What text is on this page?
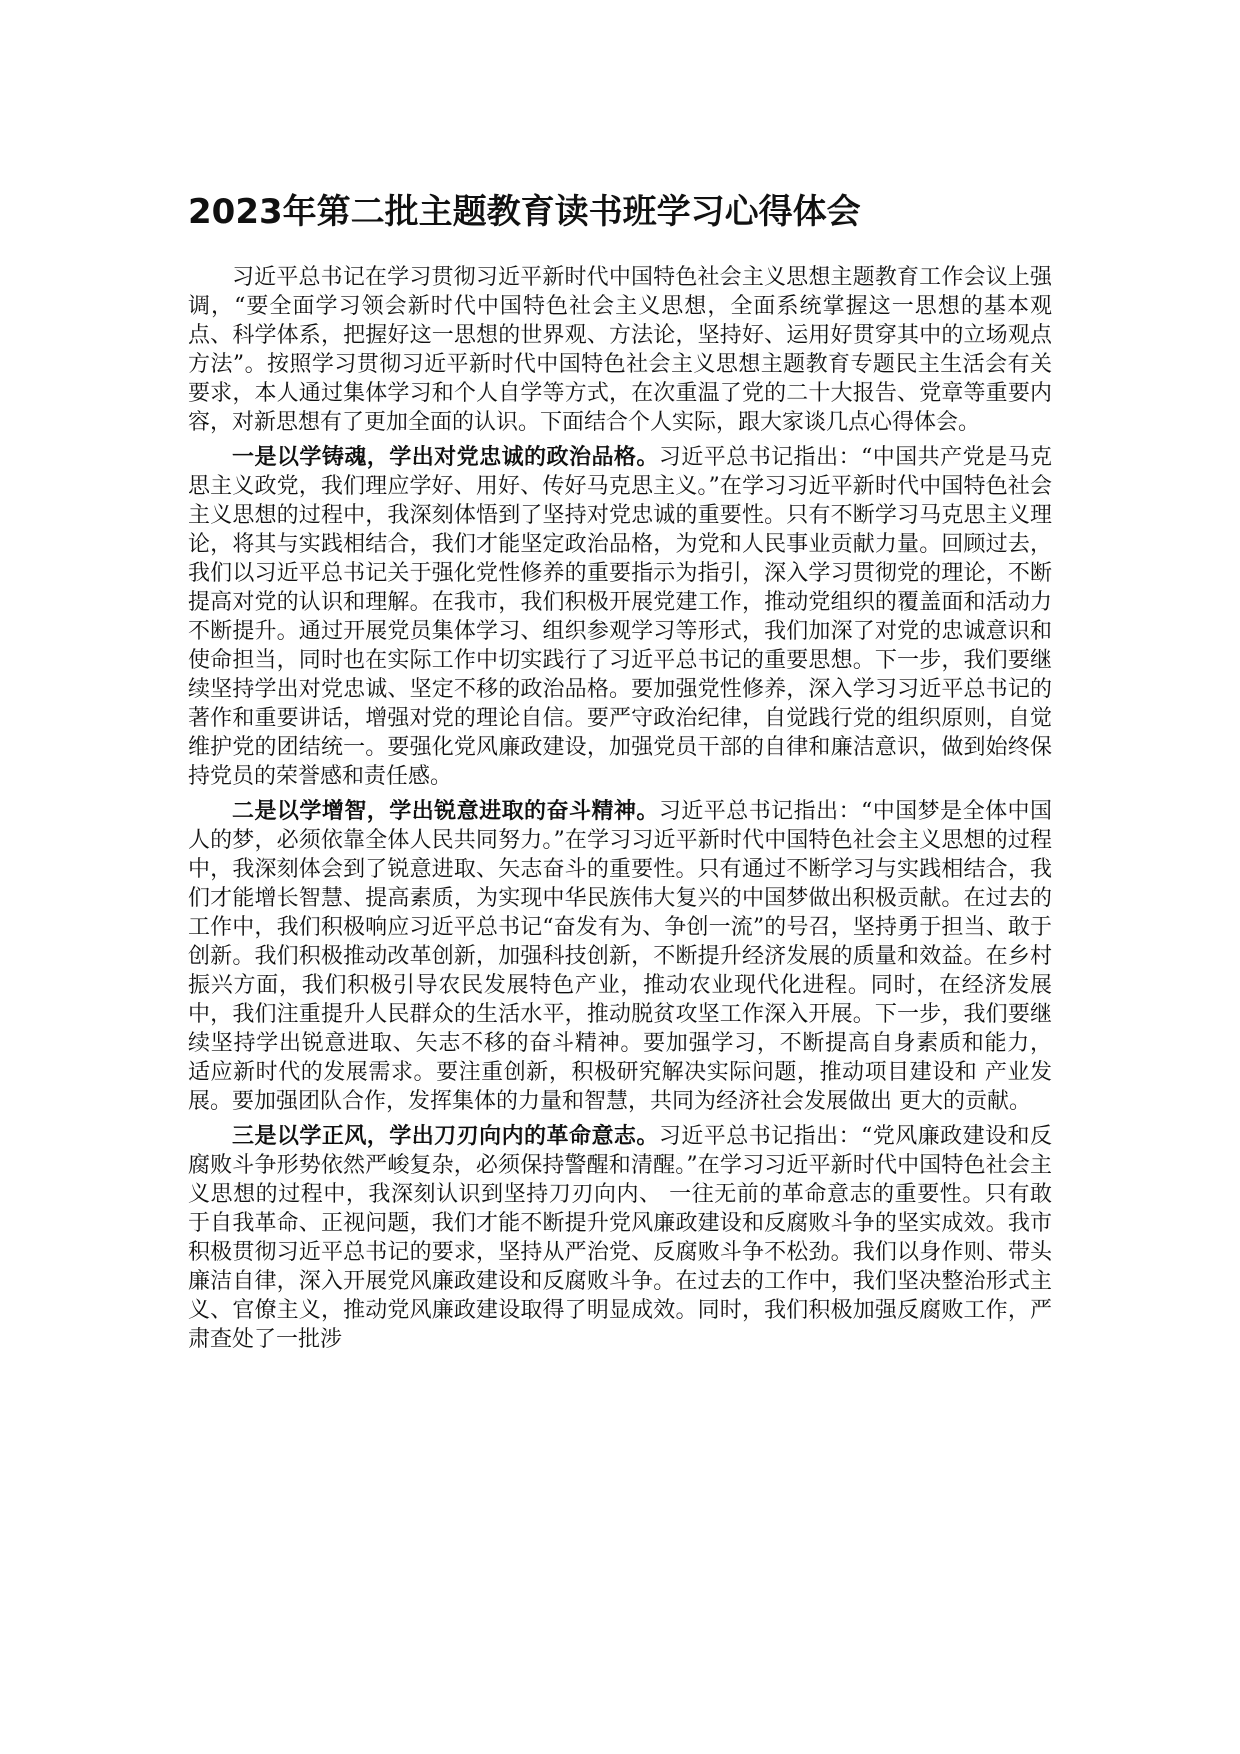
2023年第二批主题教育读书班学习心得体会

习近平总书记在学习贯彻习近平新时代中国特色社会主义思想主题教育工作会议上强调，“要全面学习领会新时代中国特色社会主义思想，全面系统掌握这一思想的基本观点、科学体系，把握好这一思想的世界观、方法论，坚持好、运用好贯穿其中的立场观点方法”。按照学习贯彻习近平新时代中国特色社会主义思想主题教育专题民主生活会有关要求，本人通过集体学习和个人自学等方式，在次重温了党的二十大报告、党章等重要内容，对新思想有了更加全面的认识。下面结合个人实际，跟大家谈几点心得体会。

一是以学铸魂，学出对党忠诚的政治品格。习近平总书记指出：“中国共产党是马克思主义政党，我们理应学好、用好、传好马克思主义。”在学习习近平新时代中国特色社会主义思想的过程中，我深刻体悟到了坚持对党忠诚的重要性。只有不断学习马克思主义理论，将其与实践相结合，我们才能坚定政治品格，为党和人民事业贡献力量。回顾过去，我们以习近平总书记关于强化党性修养的重要指示为指引，深入学习贯彻党的理论，不断提高对党的认识和理解。在我市，我们积极开展党建工作，推动党组织的覆盖面和活动力不断提升。通过开展党员集体学习、组织参观学习等形式，我们加深了对党的忠诚意识和使命担当，同时也在实际工作中切实践行了习近平总书记的重要思想。下一步，我们要继续坚持学出对党忠诚、坚定不移的政治品格。要加强党性修养，深入学习习近平总书记的著作和重要讲话，增强对党的理论自信。要严守政治纪律，自觉践行党的组织原则，自觉维护党的团结统一。要强化党风廉政建设，加强党员干部的自律和廉洁意识，做到始终保持党员的荣誉感和责任感。

二是以学增智，学出锐意进取的奋斗精神。习近平总书记指出：“中国梦是全体中国人的梦，必须依靠全体人民共同努力。”在学习习近平新时代中国特色社会主义思想的过程中，我深刻体会到了锐意进取、矢志奋斗的重要性。只有通过不断学习与实践相结合，我们才能增长智慧、提高素质，为实现中华民族伟大复兴的中国梦做出积极贡献。在过去的工作中，我们积极响应习近平总书记“奋发有为、争创一流”的号召，坚持勇于担当、敢于创新。我们积极推动改革创新，加强科技创新，不断提升经济发展的质量和效益。在乡村振兴方面，我们积极引导农民发展特色产业，推动农业现代化进程。同时，在经济发展中，我们注重提升人民群众的生活水平，推动脱贫攻坚工作深入开展。下一步，我们要继续坚持学出锐意进取、矢志不移的奋斗精神。要加强学习，不断提高自身素质和能力， 适应新时代的发展需求。要注重创新，积极研究解决实际问题，推动项目建设和 产业发展。要加强团队合作，发挥集体的力量和智慧，共同为经济社会发展做出 更大的贡献。

三是以学正风，学出刀刃向内的革命意志。习近平总书记指出：“党风廉政建设和反腐败斗争形势依然严峻复杂，必须保持警醒和清醒。”在学习习近平新时代中国特色社会主义思想的过程中，我深刻认识到坚持刀刃向内、 一往无前的革命意志的重要性。只有敢于自我革命、正视问题，我们才能不断提升党风廉政建设和反腐败斗争的坚实成效。我市积极贯彻习近平总书记的要求，坚持从严治党、反腐败斗争不松劲。我们以身作则、带头廉洁自律，深入开展党风廉政建设和反腐败斗争。在过去的工作中，我们坚决整治形式主义、官僚主义，推动党风廉政建设取得了明显成效。同时，我们积极加强反腐败工作，严肃查处了一批涉
